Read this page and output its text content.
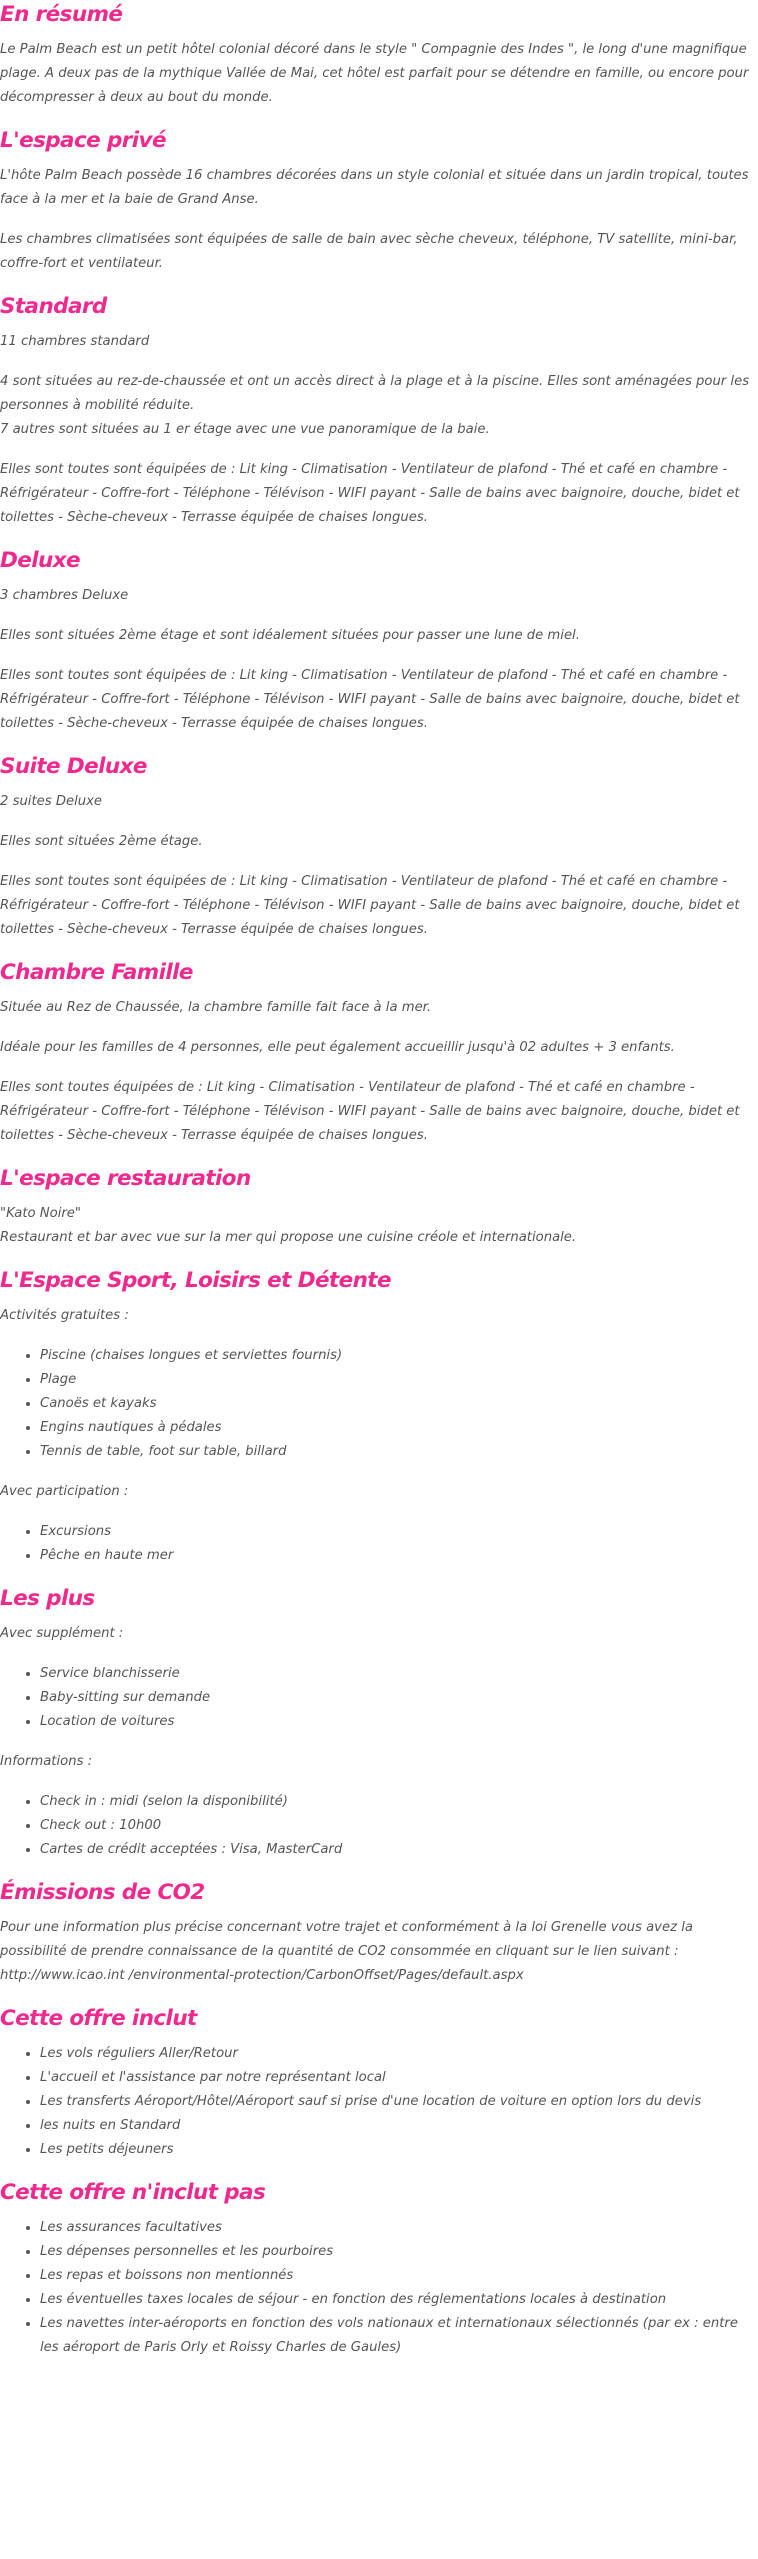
En résumé

Le Palm Beach est un petit hôtel colonial décoré dans le style " Compagnie des Indes ", le long d'une magnifique plage. A deux pas de la mythique Vallée de Mai, cet hôtel est parfait pour se détendre en famille, ou encore pour décompresser à deux au bout du monde.

L'espace privé

L'hôte Palm Beach possède 16 chambres décorées dans un style colonial et située dans un jardin tropical, toutes face à la mer et la baie de Grand Anse.

Les chambres climatisées sont équipées de salle de bain avec sèche cheveux, téléphone, TV satellite, mini-bar, coffre-fort et ventilateur.

Standard

11 chambres standard

4 sont situées au rez-de-chaussée et ont un accès direct à la plage et à la piscine. Elles sont aménagées pour les personnes à mobilité réduite.
7 autres sont situées au 1 er étage avec une vue panoramique de la baie.

Elles sont toutes sont équipées de : Lit king - Climatisation - Ventilateur de plafond - Thé et café en chambre - Réfrigérateur - Coffre-fort - Téléphone - Télévison - WIFI payant - Salle de bains avec baignoire, douche, bidet et toilettes - Sèche-cheveux - Terrasse équipée de chaises longues.

Deluxe

3 chambres Deluxe

Elles sont situées 2ème étage et sont idéalement situées pour passer une lune de miel.

Elles sont toutes sont équipées de : Lit king - Climatisation - Ventilateur de plafond - Thé et café en chambre - Réfrigérateur - Coffre-fort - Téléphone - Télévison - WIFI payant - Salle de bains avec baignoire, douche, bidet et toilettes - Sèche-cheveux - Terrasse équipée de chaises longues.

Suite Deluxe

2 suites Deluxe

Elles sont situées 2ème étage.

Elles sont toutes sont équipées de : Lit king - Climatisation - Ventilateur de plafond - Thé et café en chambre - Réfrigérateur - Coffre-fort - Téléphone - Télévison - WIFI payant - Salle de bains avec baignoire, douche, bidet et toilettes - Sèche-cheveux - Terrasse équipée de chaises longues.

Chambre Famille

Située au Rez de Chaussée, la chambre famille fait face à la mer.

Idéale pour les familles de 4 personnes, elle peut également accueillir jusqu'à 02 adultes + 3 enfants.

Elles sont toutes équipées de : Lit king - Climatisation - Ventilateur de plafond - Thé et café en chambre - Réfrigérateur - Coffre-fort - Téléphone - Télévison - WIFI payant - Salle de bains avec baignoire, douche, bidet et toilettes - Sèche-cheveux - Terrasse équipée de chaises longues.

L'espace restauration

"Kato Noire"
Restaurant et bar avec vue sur la mer qui propose une cuisine créole et internationale.

L'Espace Sport, Loisirs et Détente

Activités gratuites :

• Piscine (chaises longues et serviettes fournis)
• Plage
• Canoës et kayaks
• Engins nautiques à pédales
• Tennis de table, foot sur table, billard

Avec participation :

• Excursions
• Pêche en haute mer
Les plus

Avec supplément :

• Service blanchisserie
• Baby-sitting sur demande
• Location de voitures

Informations :

• Check in : midi (selon la disponibilité)
• Check out : 10h00
• Cartes de crédit acceptées : Visa, MasterCard
Émissions de CO2

Pour une information plus précise concernant votre trajet et conformément à la loi Grenelle vous avez la possibilité de prendre connaissance de la quantité de CO2 consommée en cliquant sur le lien suivant : http://www.icao.int /environmental-protection/CarbonOffset/Pages/default.aspx

Cette offre inclut
• Les vols réguliers Aller/Retour
• L'accueil et l'assistance par notre représentant local
• Les transferts Aéroport/Hôtel/Aéroport sauf si prise d'une location de voiture en option lors du devis
• les nuits en Standard
• Les petits déjeuners
Cette offre n'inclut pas
• Les assurances facultatives
• Les dépenses personnelles et les pourboires
• Les repas et boissons non mentionnés
• Les éventuelles taxes locales de séjour - en fonction des réglementations locales à destination
• Les navettes inter-aéroports en fonction des vols nationaux et internationaux sélectionnés (par ex : entre les aéroport de Paris Orly et Roissy Charles de Gaules)
